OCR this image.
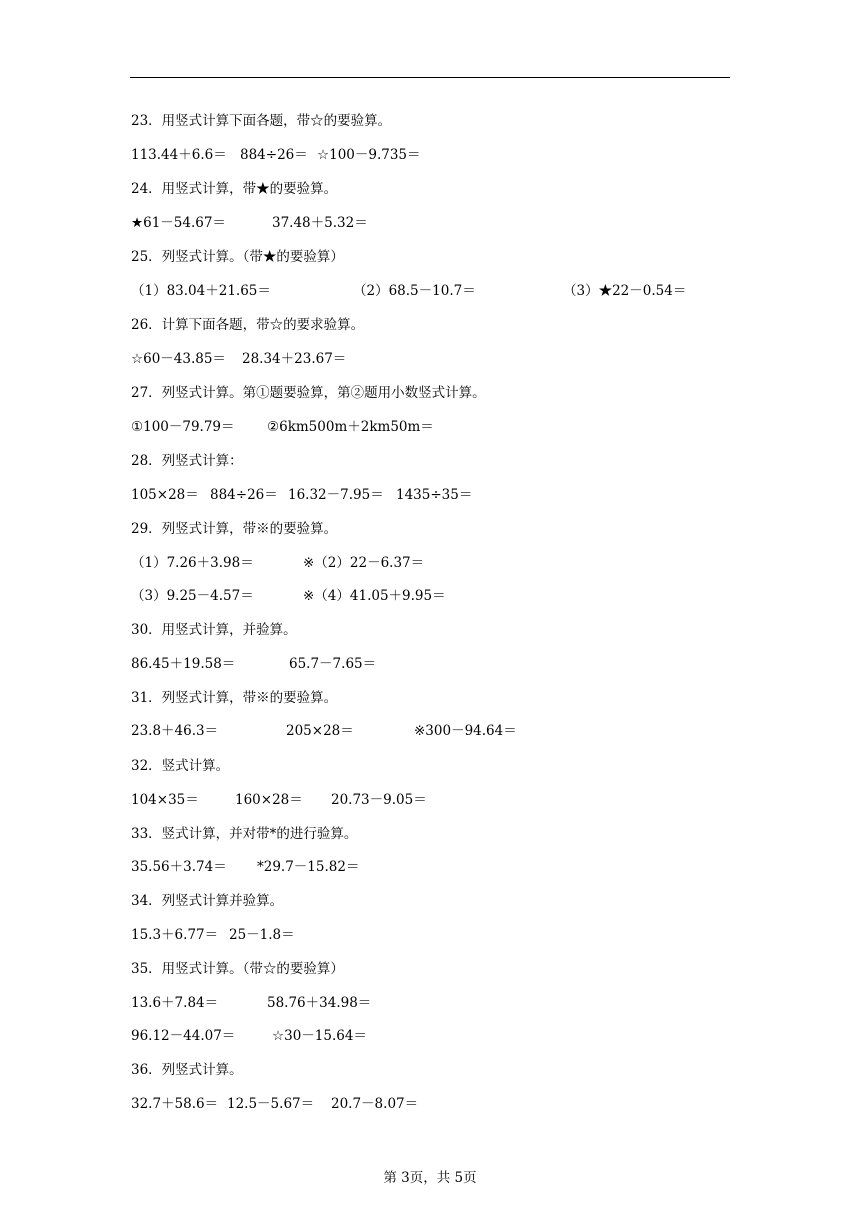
23．用竖式计算下面各题，带☆的要验算。

113.44＋6.6＝

884÷26＝

☆100－9.735＝

24．用竖式计算，带★的要验算。

★61－54.67＝

	37.48＋5.32＝

25．列竖式计算。（带★的要验算）

（1）83.04＋21.65＝

	（2）68.5－10.7＝

	（3）★22－0.54＝

26．计算下面各题，带☆的要求验算。

☆60－43.85＝

28.34＋23.67＝

27．列竖式计算。第①题要验算，第②题用小数竖式计算。

①100－79.79＝

②6km500m＋2km50m＝

28．列竖式计算：

105×28＝

884÷26＝

16.32－7.95＝

1435÷35＝

29．列竖式计算，带※的要验算。

（1）7.26＋3.98＝

	※（2）22－6.37＝

（3）9.25－4.57＝

	※（4）41.05＋9.95＝

30．用竖式计算，并验算。

86.45＋19.58＝

	65.7－7.65＝

31．列竖式计算，带※的要验算。

23.8＋46.3＝

	205×28＝

	※300－94.64＝

32．竖式计算。

104×35＝

	160×28＝

20.73－9.05＝

33．竖式计算，并对带*的进行验算。

35.56＋3.74＝

*29.7－15.82＝

34．列竖式计算并验算。

15.3＋6.77＝

25－1.8＝

35．用竖式计算。（带☆的要验算）

13.6＋7.84＝

	58.76＋34.98＝

96.12－44.07＝

	☆30－15.64＝

36．列竖式计算。

32.7＋58.6＝

12.5－5.67＝

20.7－8.07＝

第 3页，共 5页
